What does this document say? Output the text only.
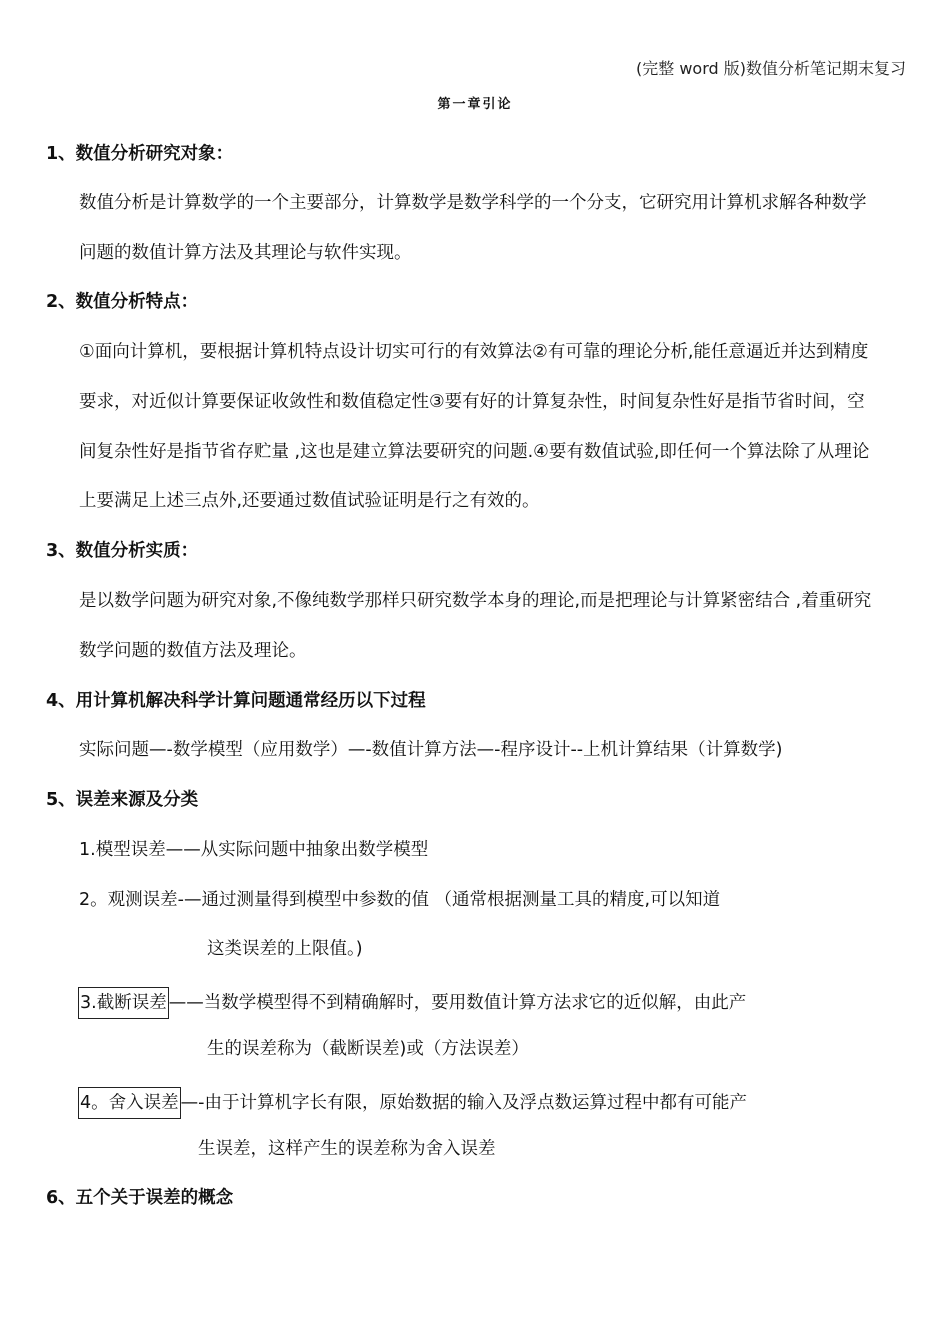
(完整 word 版)数值分析笔记期末复习
第一章引论
1、数值分析研究对象：
数值分析是计算数学的一个主要部分，计算数学是数学科学的一个分支，它研究用计算机求解各种数学
问题的数值计算方法及其理论与软件实现。
2、数值分析特点：
①面向计算机，要根据计算机特点设计切实可行的有效算法②有可靠的理论分析,能任意逼近并达到精度
要求，对近似计算要保证收敛性和数值稳定性③要有好的计算复杂性，时间复杂性好是指节省时间，空
间复杂性好是指节省存贮量 ,这也是建立算法要研究的问题.④要有数值试验,即任何一个算法除了从理论
上要满足上述三点外,还要通过数值试验证明是行之有效的。
3、数值分析实质：
是以数学问题为研究对象,不像纯数学那样只研究数学本身的理论,而是把理论与计算紧密结合 ,着重研究
数学问题的数值方法及理论。
4、用计算机解决科学计算问题通常经历以下过程
实际问题—-数学模型（应用数学）—-数值计算方法—-程序设计--上机计算结果（计算数学)
5、误差来源及分类
1.模型误差——从实际问题中抽象出数学模型
2。观测误差-—通过测量得到模型中参数的值 （通常根据测量工具的精度,可以知道
这类误差的上限值。)
3.截断误差 ——当数学模型得不到精确解时，要用数值计算方法求它的近似解，由此产
生的误差称为（截断误差)或（方法误差）
4。舍入误差 —-由于计算机字长有限，原始数据的输入及浮点数运算过程中都有可能产
生误差，这样产生的误差称为舍入误差
6、五个关于误差的概念
